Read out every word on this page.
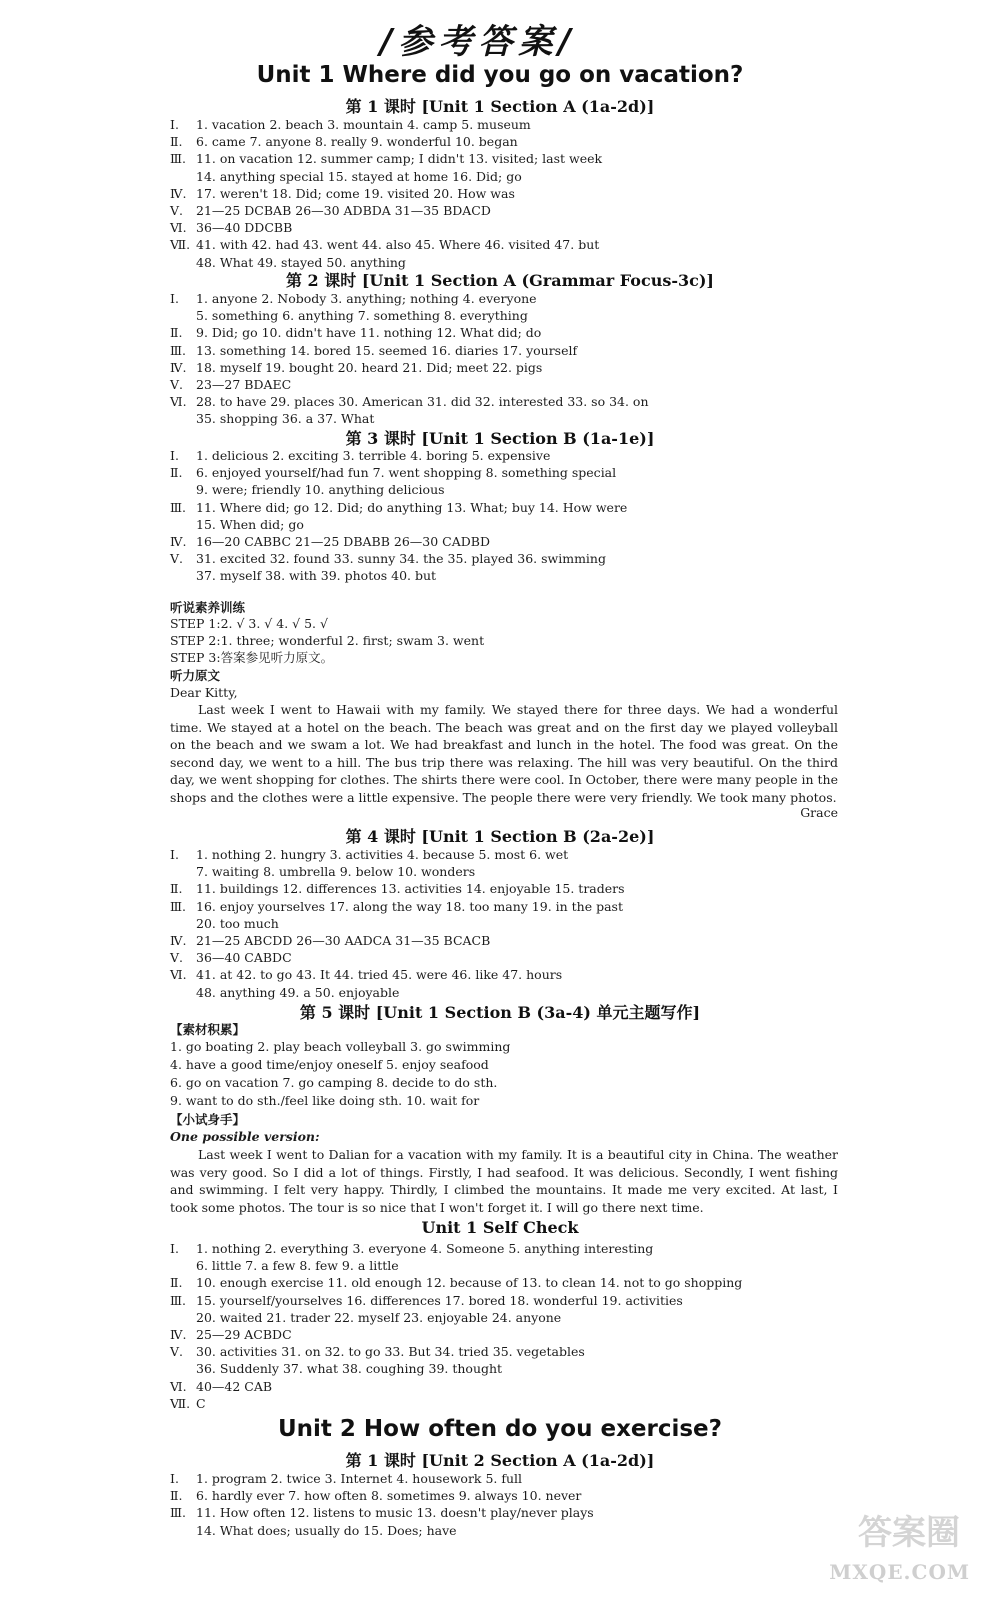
/参考答案/
Unit 1 Where did you go on vacation?
第 1 课时 [Unit 1 Section A (1a-2d)]
Ⅰ. 1. vacation 2. beach 3. mountain 4. camp 5. museum
Ⅱ. 6. came 7. anyone 8. really 9. wonderful 10. began
Ⅲ. 11. on vacation 12. summer camp; I didn't 13. visited; last week
14. anything special 15. stayed at home 16. Did; go
Ⅳ. 17. weren't 18. Did; come 19. visited 20. How was
Ⅴ. 21—25 DCBAB 26—30 ADBDA 31—35 BDACD
Ⅵ. 36—40 DDCBB
Ⅶ. 41. with 42. had 43. went 44. also 45. Where 46. visited 47. but
48. What 49. stayed 50. anything
第 2 课时 [Unit 1 Section A (Grammar Focus-3c)]
Ⅰ. 1. anyone 2. Nobody 3. anything; nothing 4. everyone
5. something 6. anything 7. something 8. everything
Ⅱ. 9. Did; go 10. didn't have 11. nothing 12. What did; do
Ⅲ. 13. something 14. bored 15. seemed 16. diaries 17. yourself
Ⅳ. 18. myself 19. bought 20. heard 21. Did; meet 22. pigs
Ⅴ. 23—27 BDAEC
Ⅵ. 28. to have 29. places 30. American 31. did 32. interested 33. so 34. on
35. shopping 36. a 37. What
第 3 课时 [Unit 1 Section B (1a-1e)]
Ⅰ. 1. delicious 2. exciting 3. terrible 4. boring 5. expensive
Ⅱ. 6. enjoyed yourself/had fun 7. went shopping 8. something special
9. were; friendly 10. anything delicious
Ⅲ. 11. Where did; go 12. Did; do anything 13. What; buy 14. How were
15. When did; go
Ⅳ. 16—20 CABBC 21—25 DBABB 26—30 CADBD
Ⅴ. 31. excited 32. found 33. sunny 34. the 35. played 36. swimming
37. myself 38. with 39. photos 40. but
听说素养训练
STEP 1:2. √ 3. √ 4. √ 5. √
STEP 2:1. three; wonderful 2. first; swam 3. went
STEP 3:答案参见听力原文。
听力原文
Dear Kitty,

Last week I went to Hawaii with my family. We stayed there for three days. We had a wonderful time. We stayed at a hotel on the beach. The beach was great and on the first day we played volleyball on the beach and we swam a lot. We had breakfast and lunch in the hotel. The food was great. On the second day, we went to a hill. The bus trip there was relaxing. The hill was very beautiful. On the third day, we went shopping for clothes. The shirts there were cool. In October, there were many people in the shops and the clothes were a little expensive. The people there were very friendly. We took many photos.

Grace
第 4 课时 [Unit 1 Section B (2a-2e)]
Ⅰ. 1. nothing 2. hungry 3. activities 4. because 5. most 6. wet
7. waiting 8. umbrella 9. below 10. wonders
Ⅱ. 11. buildings 12. differences 13. activities 14. enjoyable 15. traders
Ⅲ. 16. enjoy yourselves 17. along the way 18. too many 19. in the past
20. too much
Ⅳ. 21—25 ABCDD 26—30 AADCA 31—35 BCACB
Ⅴ. 36—40 CABDC
Ⅵ. 41. at 42. to go 43. It 44. tried 45. were 46. like 47. hours
48. anything 49. a 50. enjoyable
第 5 课时 [Unit 1 Section B (3a-4) 单元主题写作]
【素材积累】
1. go boating 2. play beach volleyball 3. go swimming
4. have a good time/enjoy oneself 5. enjoy seafood
6. go on vacation 7. go camping 8. decide to do sth.
9. want to do sth./feel like doing sth. 10. wait for
【小试身手】
One possible version:

Last week I went to Dalian for a vacation with my family. It is a beautiful city in China. The weather was very good. So I did a lot of things. Firstly, I had seafood. It was delicious. Secondly, I went fishing and swimming. I felt very happy. Thirdly, I climbed the mountains. It made me very excited. At last, I took some photos. The tour is so nice that I won't forget it. I will go there next time.

Unit 1 Self Check
Ⅰ. 1. nothing 2. everything 3. everyone 4. Someone 5. anything interesting
6. little 7. a few 8. few 9. a little
Ⅱ. 10. enough exercise 11. old enough 12. because of 13. to clean 14. not to go shopping
Ⅲ. 15. yourself/yourselves 16. differences 17. bored 18. wonderful 19. activities
20. waited 21. trader 22. myself 23. enjoyable 24. anyone
Ⅳ. 25—29 ACBDC
Ⅴ. 30. activities 31. on 32. to go 33. But 34. tried 35. vegetables
36. Suddenly 37. what 38. coughing 39. thought
Ⅵ. 40—42 CAB
Ⅶ. C
Unit 2 How often do you exercise?
第 1 课时 [Unit 2 Section A (1a-2d)]
Ⅰ. 1. program 2. twice 3. Internet 4. housework 5. full
Ⅱ. 6. hardly ever 7. how often 8. sometimes 9. always 10. never
Ⅲ. 11. How often 12. listens to music 13. doesn't play/never plays
14. What does; usually do 15. Does; have	答案圈
MXQE.COM
